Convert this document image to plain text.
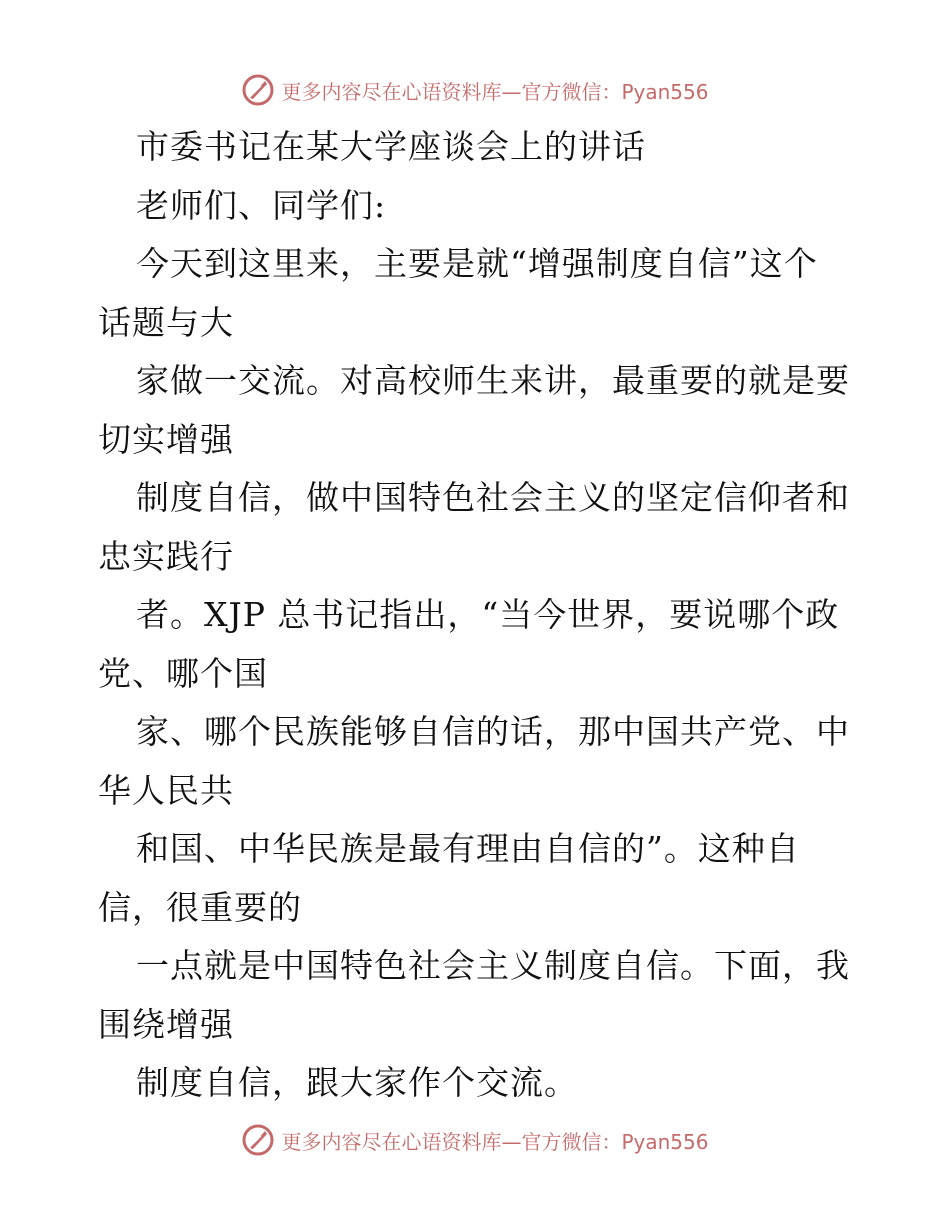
更多内容尽在心语资料库—官方微信：Pyan556
市委书记在某大学座谈会上的讲话
老师们、同学们:
今天到这里来，主要是就“增强制度自信”这个
话题与大
家做一交流。对高校师生来讲，最重要的就是要
切实增强
制度自信，做中国特色社会主义的坚定信仰者和
忠实践行
者。XJP 总书记指出，“当今世界，要说哪个政
党、哪个国
家、哪个民族能够自信的话，那中国共产党、中
华人民共
和国、中华民族是最有理由自信的”。这种自
信，很重要的
一点就是中国特色社会主义制度自信。下面，我
围绕增强
制度自信，跟大家作个交流。
更多内容尽在心语资料库—官方微信：Pyan556
